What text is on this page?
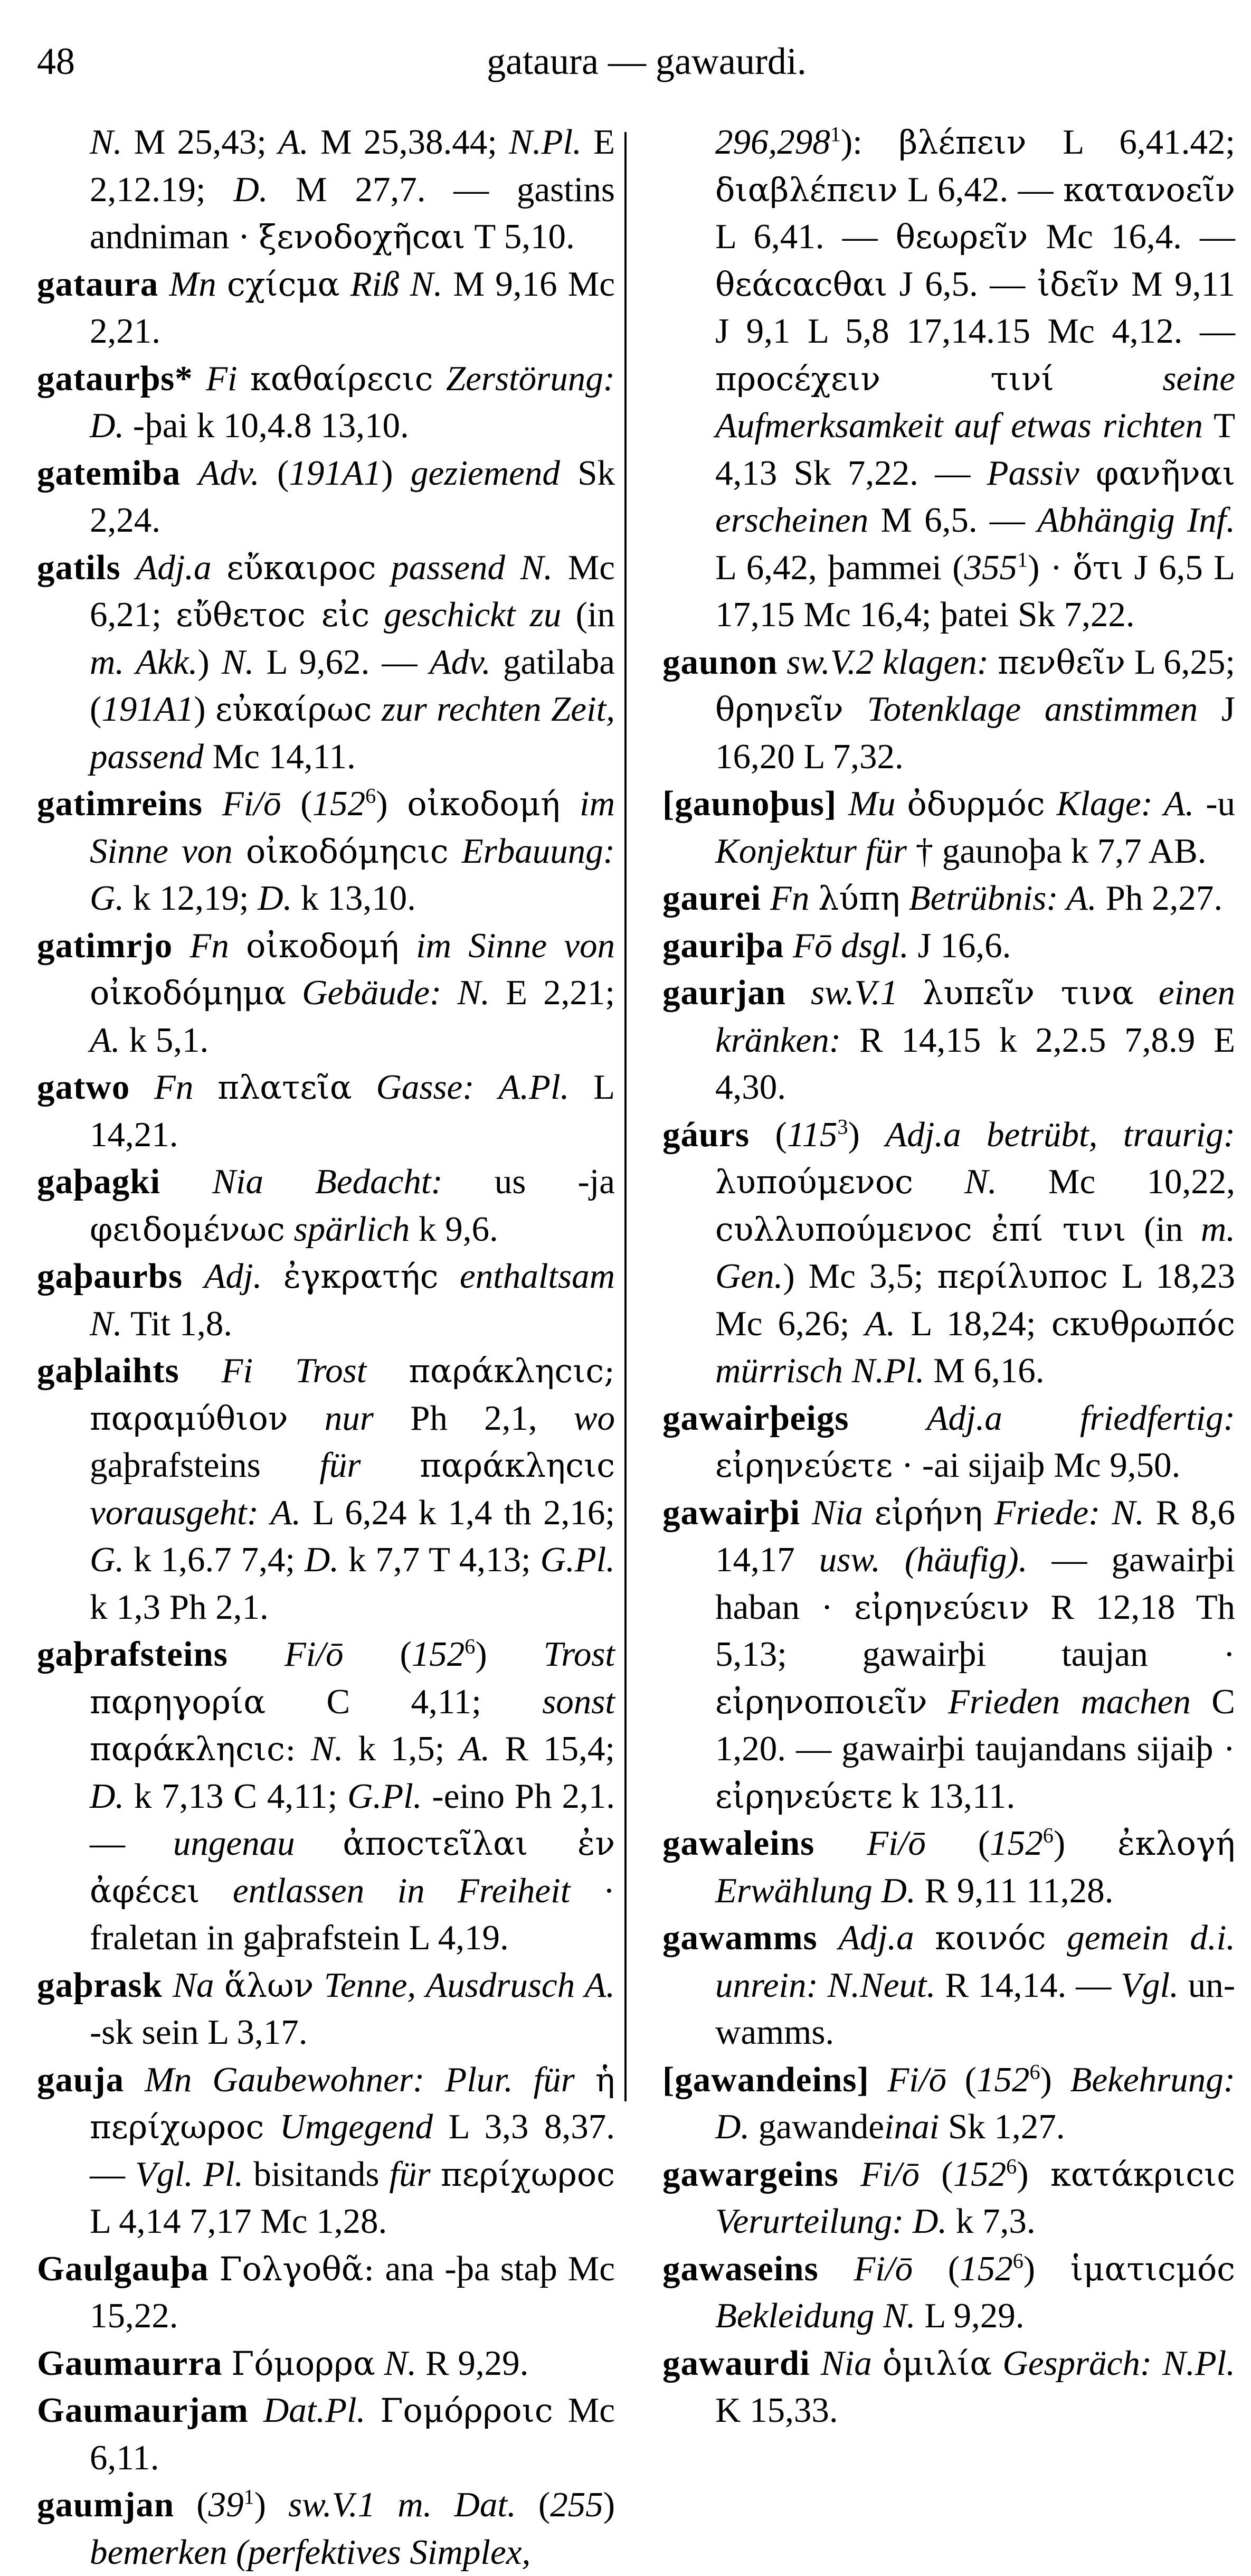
48	gataura — gawaurdi.

N. M 25,43; A. M 25,38.44; N.Pl. E 2,12.19; D. M 27,7. — gastins andniman · ξενοδοχῆϲαι T 5,10.

gataura Mn ϲχίϲμα Riß N. M 9,16 Mc 2,21.

gataurþs* Fi καθαίρεϲιϲ Zerstörung: D. -þai k 10,4.8 13,10.

gatemiba Adv. (191A1) geziemend Sk 2,24.

gatils Adj.a εὔκαιροϲ passend N. Mc 6,21; εὔθετοϲ εἰϲ geschickt zu (in m. Akk.) N. L 9,62. — Adv. gatilaba (191A1) εὐκαίρωϲ zur rechten Zeit, passend Mc 14,11.

gatimreins Fi/ō $(152^6)$ οἰκοδομή im Sinne von οἰκοδόμηϲιϲ Erbauung: G. k 12,19; D. k 13,10.

gatimrjo Fn οἰκοδομή im Sinne von οἰκοδόμημα Gebäude: N. E 2,21; A. k 5,1.

gatwo Fn πλατεῖα Gasse: A.Pl. L 14,21.

gaþagki Nia Bedacht: us -ja φειδομένωϲ spärlich k 9,6.

gaþaurbs Adj. ἐγκρατήϲ enthaltsam N. Tit 1,8.

gaþlaihts Fi Trost παράκληϲιϲ; παραμύθιον nur Ph 2,1, wo gaþrafsteins für παράκληϲιϲ vorausgeht: A. L 6,24 k 1,4 th 2,16; G. k 1,6.7 7,4; D. k 7,7 T 4,13; G.Pl. k 1,3 Ph 2,1.

gaþrafsteins Fi/ō $(152^6)$ Trost παρηγορία C 4,11; sonst παράκληϲιϲ: N. k 1,5; A. R 15,4; D. k 7,13 C 4,11; G.Pl. -eino Ph 2,1. — ungenau ἀποϲτεῖλαι ἐν ἀφέϲει entlassen in Freiheit · fraletan in gaþrafstein L 4,19.

gaþrask Na ἅλων Tenne, Ausdrusch A. -sk sein L 3,17.

gauja Mn Gaubewohner: Plur. für ἡ περίχωροϲ Umgegend L 3,3 8,37. — Vgl. Pl. bisitands für περίχωροϲ L 4,14 7,17 Mc 1,28.

Gaulgauþa Γολγοθᾶ: ana -þa staþ Mc 15,22.

Gaumaurra Γόμορρα N. R 9,29.

Gaumaurjam Dat.Pl. Γομόρροιϲ Mc 6,11.

gaumjan $(39^1)$ sw.V.1 m. Dat. (255) bemerken (perfektives Simplex,

296,298$^1$): βλέπειν L 6,41.42; διαβλέπειν L 6,42. — κατανοεῖν L 6,41. — θεωρεῖν Mc 16,4. — θεάϲαϲθαι J 6,5. — ἰδεῖν M 9,11 J 9,1 L 5,8 17,14.15 Mc 4,12. — προϲέχειν τινί	seine Aufmerksamkeit auf etwas richten T 4,13 Sk 7,22. — Passiv φανῆναι erscheinen M 6,5. — Abhängig Inf. L 6,42, þammei $(355^1)$ · ὅτι J 6,5 L 17,15 Mc 16,4; þatei Sk 7,22.

gaunon sw.V.2 klagen: πενθεῖν L 6,25; θρηνεῖν Totenklage anstimmen J 16,20 L 7,32.

[gaunoþus] Mu ὀδυρμόϲ Klage: A. -u Konjektur für † gaunoþa k 7,7 AB.

gaurei Fn λύπη Betrübnis: A. Ph 2,27.

gauriþa Fō dsgl. J 16,6.

gaurjan sw.V.1 λυπεῖν τινα einen kränken: R 14,15 k 2,2.5 7,8.9 E 4,30.

gáurs $(115^3)$ Adj.a betrübt, traurig: λυπούμενοϲ N. Mc 10,22, ϲυλλυπούμενοϲ ἐπί τινι (in m. Gen.) Mc 3,5; περίλυποϲ L 18,23 Mc 6,26; A. L 18,24; ϲκυθρωπόϲ mürrisch N.Pl. M 6,16.

gawairþeigs Adj.a friedfertig: εἰρηνεύετε · -ai sijaiþ Mc 9,50.

gawairþi Nia εἰρήνη Friede: N. R 8,6 14,17 usw. (häufig). — gawairþi haban · εἰρηνεύειν R 12,18 Th 5,13; gawairþi taujan · εἰρηνοποιεῖν Frieden machen C 1,20. — gawairþi taujandans sijaiþ · εἰρηνεύετε k 13,11.

gawaleins Fi/ō $(152^6)$ ἐκλογή Erwählung D. R 9,11 11,28.

gawamms Adj.a κοινόϲ gemein d.i. unrein: N.Neut. R 14,14. — Vgl. un-wamms.

[gawandeins] Fi/ō $(152^6)$ Bekehrung: D. gawandeinai Sk 1,27.

gawargeins Fi/ō $(152^6)$ κατάκριϲιϲ Verurteilung: D. k 7,3.

gawaseins Fi/ō $(152^6)$ ἱματιϲμόϲ Bekleidung N. L 9,29.

gawaurdi Nia ὁμιλία Gespräch: N.Pl. K 15,33.
